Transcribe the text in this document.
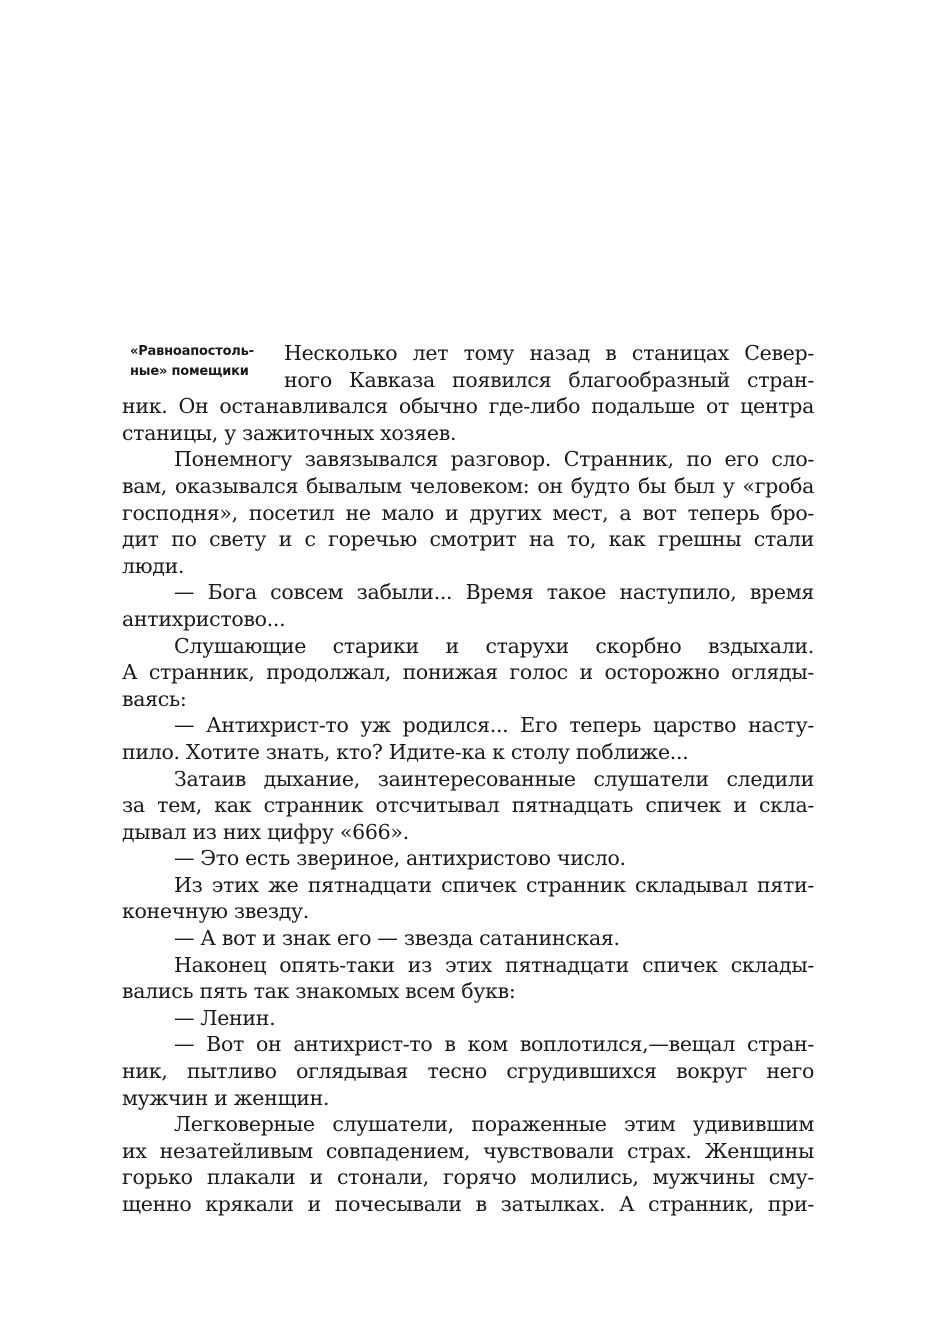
«Равноапостоль-
ные» помещики
Несколько лет тому назад в станицах Север-
ного Кавказа появился благообразный стран-
ник. Он останавливался обычно где-либо подальше от центра
станицы, у зажиточных хозяев.
Понемногу завязывался разговор. Странник, по его сло-
вам, оказывался бывалым человеком: он будто бы был у «гроба
господня», посетил не мало и других мест, а вот теперь бро-
дит по свету и с горечью смотрит на то, как грешны стали
люди.
— Бога совсем забыли... Время такое наступило, время
антихристово...
Слушающие старики и старухи скорбно вздыхали.
А странник, продолжал, понижая голос и осторожно огляды-
ваясь:
— Антихрист-то уж родился... Его теперь царство насту-
пило. Хотите знать, кто? Идите-ка к столу поближе...
Затаив дыхание, заинтересованные слушатели следили
за тем, как странник отсчитывал пятнадцать спичек и скла-
дывал из них цифру «666».
— Это есть звериное, антихристово число.
Из этих же пятнадцати спичек странник складывал пяти-
конечную звезду.
— А вот и знак его — звезда сатанинская.
Наконец опять-таки из этих пятнадцати спичек склады-
вались пять так знакомых всем букв:
— Ленин.
— Вот он антихрист-то в ком воплотился,—вещал стран-
ник, пытливо оглядывая тесно сгрудившихся вокруг него
мужчин и женщин.
Легковерные слушатели, пораженные этим удивившим
их незатейливым совпадением, чувствовали страх. Женщины
горько плакали и стонали, горячо молились, мужчины сму-
щенно крякали и почесывали в затылках. А странник, при-
